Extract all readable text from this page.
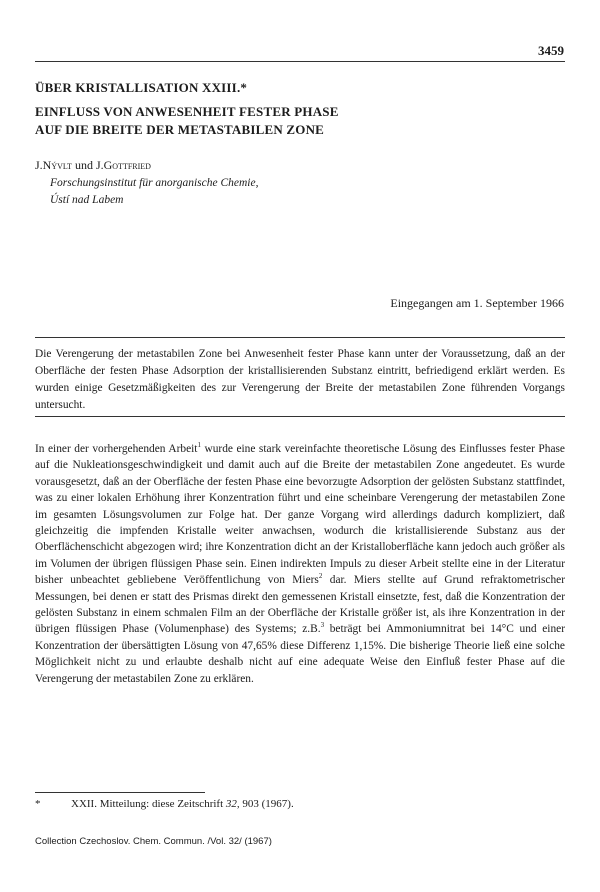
3459
ÜBER KRISTALLISATION XXIII.*
EINFLUSS VON ANWESENHEIT FESTER PHASE
AUF DIE BREITE DER METASTABILEN ZONE
J.Nývlt und J.Gottfried
Forschungsinstitut für anorganische Chemie,
Ústí nad Labem
Eingegangen am 1. September 1966
Die Verengerung der metastabilen Zone bei Anwesenheit fester Phase kann unter der Voraussetzung, daß an der Oberfläche der festen Phase Adsorption der kristallisierenden Substanz eintritt, befriedigend erklärt werden. Es wurden einige Gesetzmäßigkeiten des zur Verengerung der Breite der metastabilen Zone führenden Vorgangs untersucht.
In einer der vorhergehenden Arbeit$^1$ wurde eine stark vereinfachte theoretische Lösung des Einflusses fester Phase auf die Nukleationsgeschwindigkeit und damit auch auf die Breite der metastabilen Zone angedeutet. Es wurde vorausgesetzt, daß an der Oberfläche der festen Phase eine bevorzugte Adsorption der gelösten Substanz stattfindet, was zu einer lokalen Erhöhung ihrer Konzentration führt und eine scheinbare Verengerung der metastabilen Zone im gesamten Lösungsvolumen zur Folge hat. Der ganze Vorgang wird allerdings dadurch kompliziert, daß gleichzeitig die impfenden Kristalle weiter anwachsen, wodurch die kristallisierende Substanz aus der Oberflächenschicht abgezogen wird; ihre Konzentration dicht an der Kristalloberfläche kann jedoch auch größer als im Volumen der übrigen flüssigen Phase sein. Einen indirekten Impuls zu dieser Arbeit stellte eine in der Literatur bisher unbeachtet gebliebene Veröffentlichung von Miers$^2$ dar. Miers stellte auf Grund refraktometrischer Messungen, bei denen er statt des Prismas direkt den gemessenen Kristall einsetzte, fest, daß die Konzentration der gelösten Substanz in einem schmalen Film an der Oberfläche der Kristalle größer ist, als ihre Konzentration in der übrigen flüssigen Phase (Volumenphase) des Systems; z.B.$^3$ beträgt bei Ammoniumnitrat bei 14°C und einer Konzentration der übersättigten Lösung von 47,65% diese Differenz 1,15%. Die bisherige Theorie ließ eine solche Möglichkeit nicht zu und erlaubte deshalb nicht auf eine adequate Weise den Einfluß fester Phase auf die Verengerung der metastabilen Zone zu erklären.
*	XXII. Mitteilung: diese Zeitschrift 32, 903 (1967).
Collection Czechoslov. Chem. Commun. /Vol. 32/ (1967)
